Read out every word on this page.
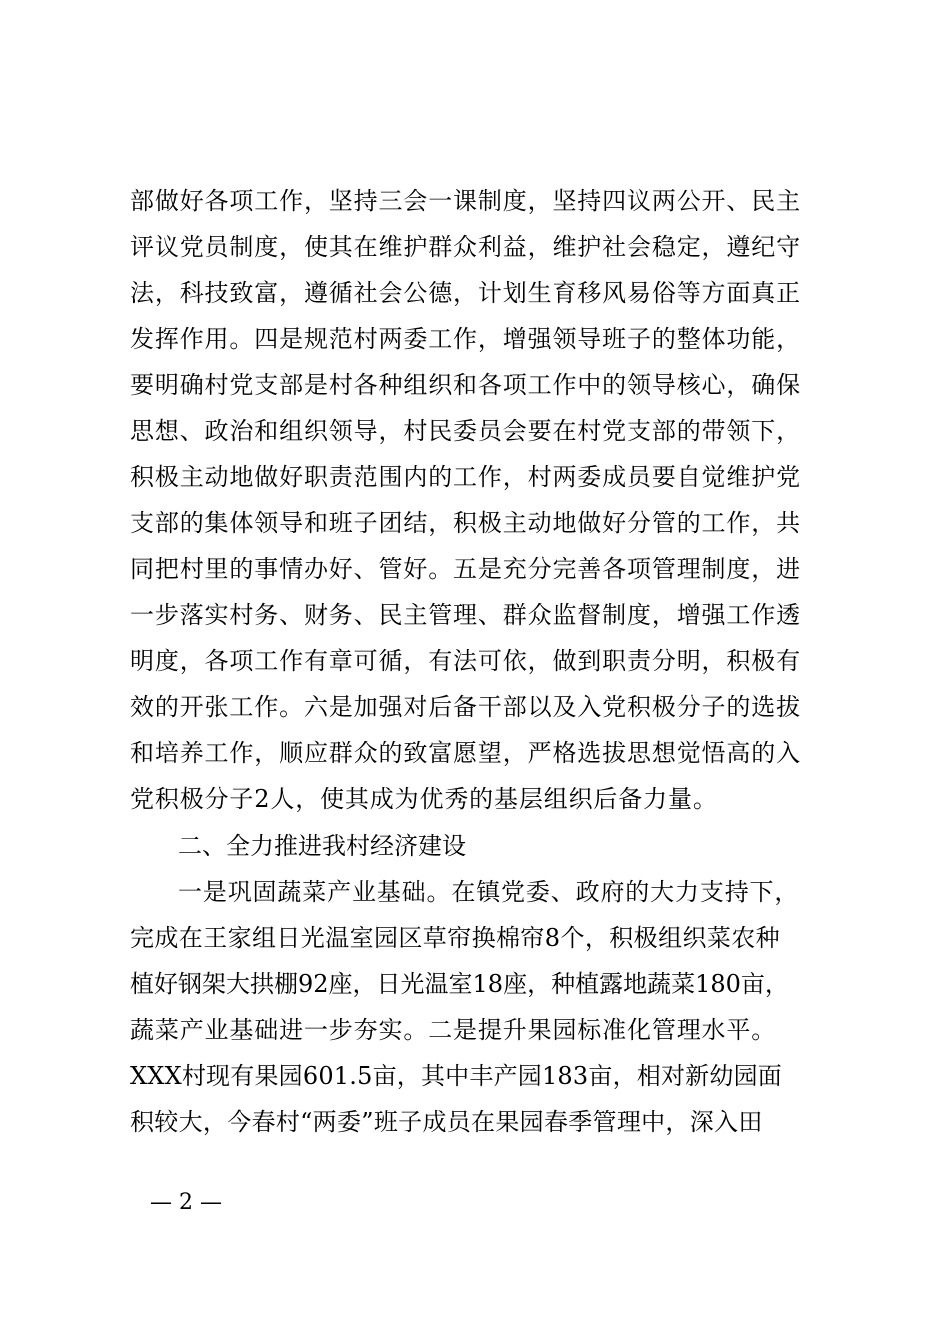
部做好各项工作，坚持三会一课制度，坚持四议两公开、民主
评议党员制度，使其在维护群众利益，维护社会稳定，遵纪守
法，科技致富，遵循社会公德，计划生育移风易俗等方面真正
发挥作用。四是规范村两委工作，增强领导班子的整体功能，
要明确村党支部是村各种组织和各项工作中的领导核心，确保
思想、政治和组织领导，村民委员会要在村党支部的带领下，
积极主动地做好职责范围内的工作，村两委成员要自觉维护党
支部的集体领导和班子团结，积极主动地做好分管的工作，共
同把村里的事情办好、管好。五是充分完善各项管理制度，进
一步落实村务、财务、民主管理、群众监督制度，增强工作透
明度，各项工作有章可循，有法可依，做到职责分明，积极有
效的开张工作。六是加强对后备干部以及入党积极分子的选拔
和培养工作，顺应群众的致富愿望，严格选拔思想觉悟高的入
党积极分子2人，使其成为优秀的基层组织后备力量。
二、全力推进我村经济建设
一是巩固蔬菜产业基础。在镇党委、政府的大力支持下，
完成在王家组日光温室园区草帘换棉帘8个，积极组织菜农种
植好钢架大拱棚92座，日光温室18座，种植露地蔬菜180亩，
蔬菜产业基础进一步夯实。二是提升果园标准化管理水平。
XXX村现有果园601.5亩，其中丰产园183亩，相对新幼园面
积较大，今春村“两委”班子成员在果园春季管理中，深入田
— 2 —
